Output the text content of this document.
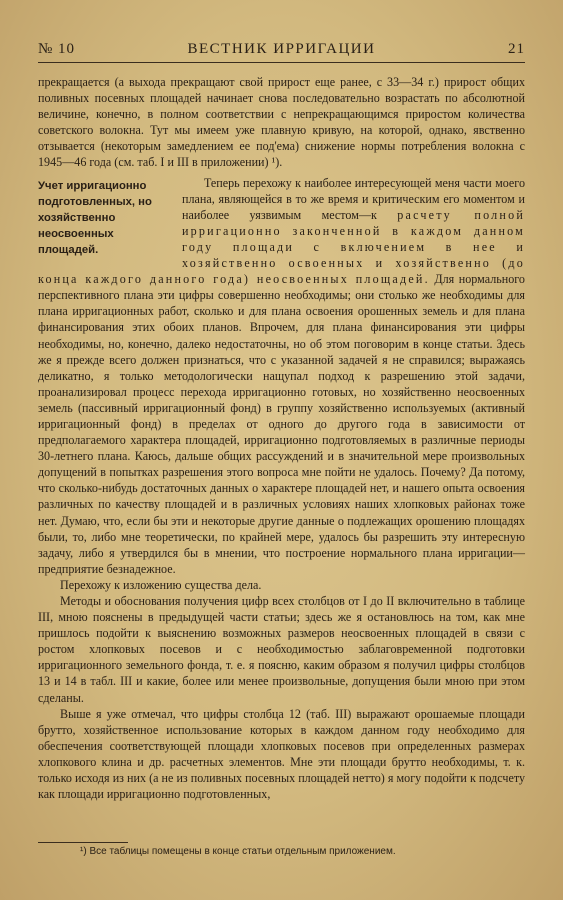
№ 10	ВЕСТНИК ИРРИГАЦИИ	21

прекращается (а выхода прекращают свой прирост еще ранее, с 33—34 г.) прирост общих поливных посевных площадей начинает снова последовательно возрастать по абсолютной величине, конечно, в полном соответствии с непрекращающимся приростом количества советского волокна. Тут мы имеем уже плавную кривую, на которой, однако, явственно отзывается (некоторым замедлением ее под'ема) снижение нормы потребления волокна с 1945—46 года (см. таб. I и III в приложении) ¹).

Учет ирригационно подготовленных, но хозяйственно неосвоенных площадей.

Теперь перехожу к наиболее интересующей меня части моего плана, являющейся в то же время и критическим его моментом и наиболее уязвимым местом—к расчету полной ирригационно законченной в каждом данном году площади с включением в нее и хозяйственно освоенных и хозяйственно (до конца каждого данного года) неосвоенных площадей. Для нормального перспективного плана эти цифры совершенно необходимы; они столько же необходимы для плана ирригационных работ, сколько и для плана освоения орошенных земель и для плана финансирования этих обоих планов. Впрочем, для плана финансирования эти цифры необходимы, но, конечно, далеко недостаточны, но об этом поговорим в конце статьи. Здесь же я прежде всего должен признаться, что с указанной задачей я не справился; выражаясь деликатно, я только методологически нащупал подход к разрешению этой задачи, проанализировал процесс перехода ирригационно готовых, но хозяйственно неосвоенных земель (пассивный ирригационный фонд) в группу хозяйственно используемых (активный ирригационный фонд) в пределах от одного до другого года в зависимости от предполагаемого характера площадей, ирригационно подготовляемых в различные периоды 30-летнего плана. Каюсь, дальше общих рассуждений и в значительной мере произвольных допущений в попытках разрешения этого вопроса мне пойти не удалось. Почему? Да потому, что сколько-нибудь достаточных данных о характере площадей нет, и нашего опыта освоения различных по качеству площадей и в различных условиях наших хлопковых районах тоже нет. Думаю, что, если бы эти и некоторые другие данные о подлежащих орошению площадях были, то, либо мне теоретически, по крайней мере, удалось бы разрешить эту интересную задачу, либо я утвердился бы в мнении, что построение нормального плана ирригации—предприятие безнадежное.

Перехожу к изложению существа дела.

Методы и обоснования получения цифр всех столбцов от I до II включительно в таблице III, мною пояснены в предыдущей части статьи; здесь же я остановлюсь на том, как мне пришлось подойти к выяснению возможных размеров неосвоенных площадей в связи с ростом хлопковых посевов и с необходимостью заблаговременной подготовки ирригационного земельного фонда, т. е. я поясню, каким образом я получил цифры столбцов 13 и 14 в табл. III и какие, более или менее произвольные, допущения были мною при этом сделаны.

Выше я уже отмечал, что цифры столбца 12 (таб. III) выражают орошаемые площади брутто, хозяйственное использование которых в каждом данном году необходимо для обеспечения соответствующей площади хлопковых посевов при определенных размерах хлопкового клина и др. расчетных элементов. Мне эти площади брутто необходимы, т. к. только исходя из них (а не из поливных посевных площадей нетто) я могу подойти к подсчету как площади ирригационно подготовленных,

¹) Все таблицы помещены в конце статьи отдельным приложением.
